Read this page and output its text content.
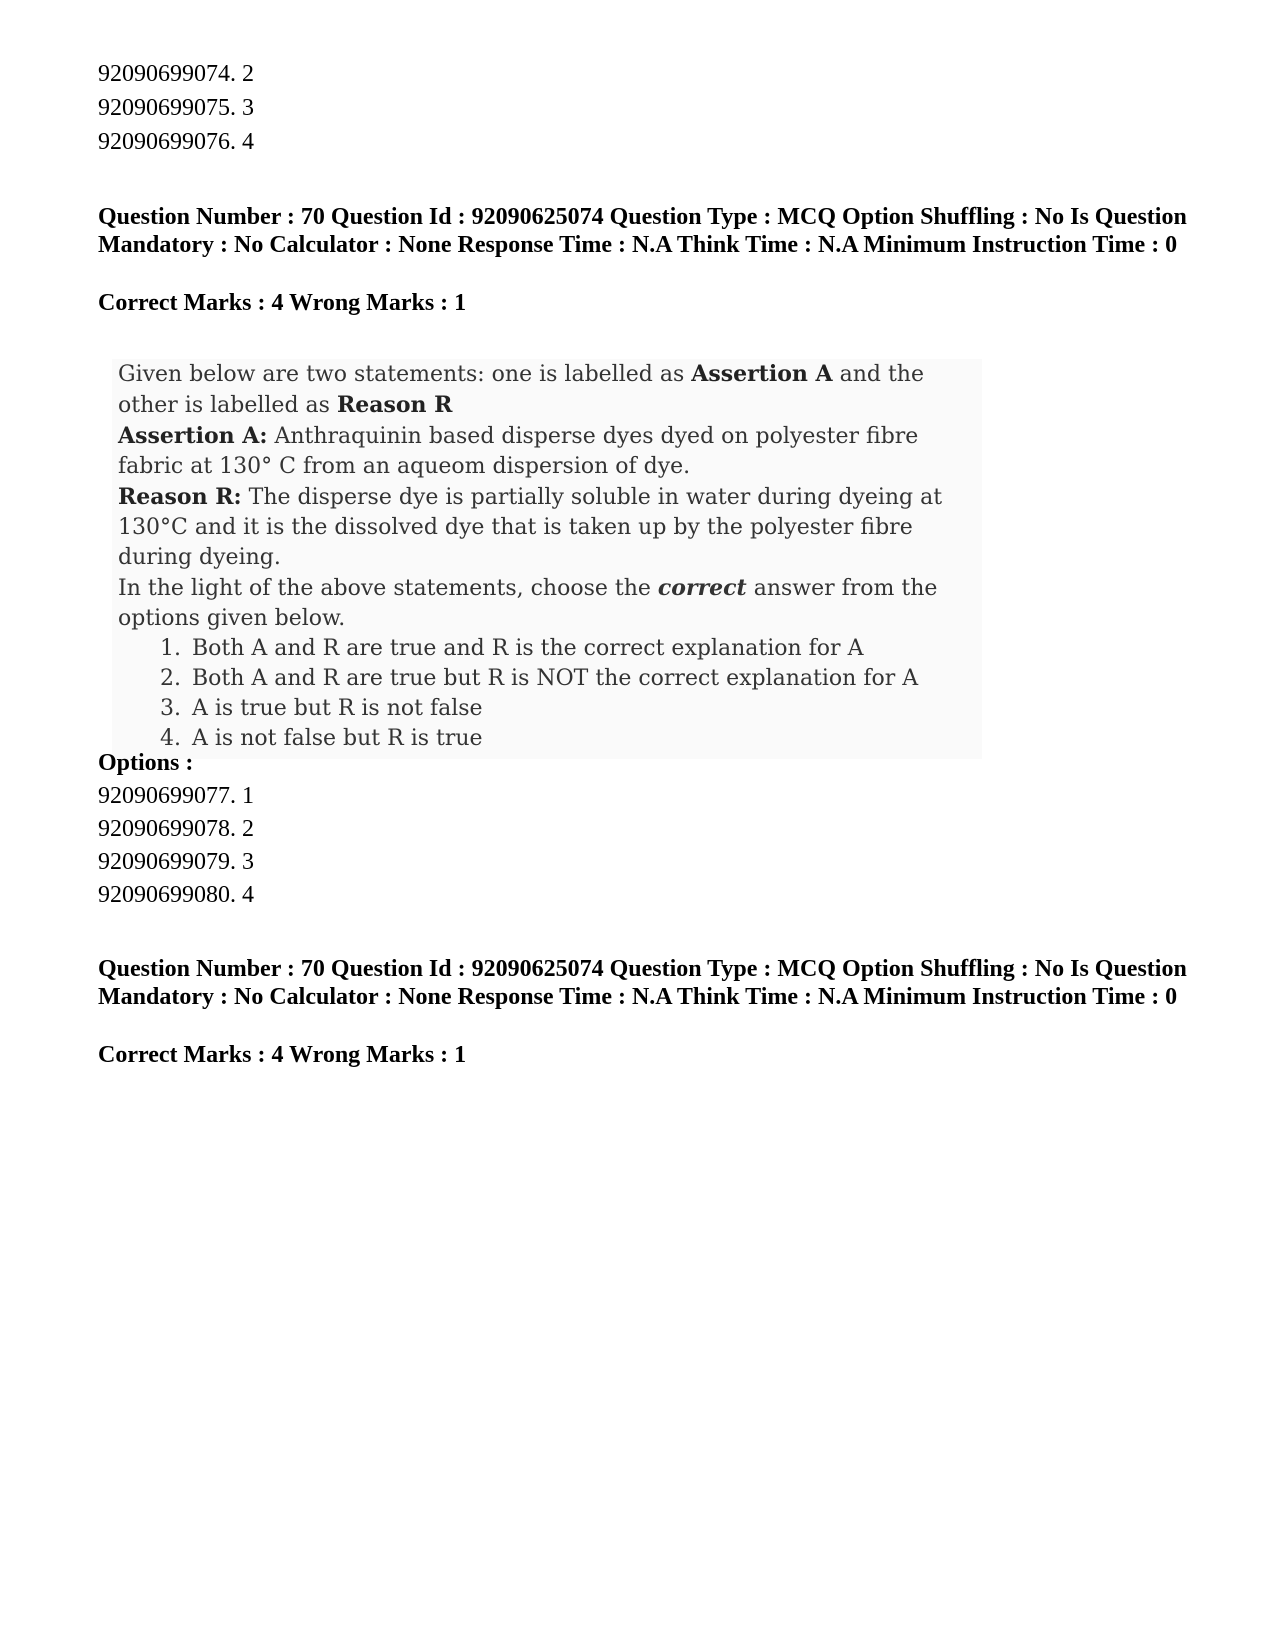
92090699074. 2
92090699075. 3
92090699076. 4
Question Number : 70 Question Id : 92090625074 Question Type : MCQ Option Shuffling : No Is Question Mandatory : No Calculator : None Response Time : N.A Think Time : N.A Minimum Instruction Time : 0
Correct Marks : 4 Wrong Marks : 1

Given below are two statements: one is labelled as Assertion A and the other is labelled as Reason R

Assertion A: Anthraquinin based disperse dyes dyed on polyester fibre fabric at 130° C from an aqueom dispersion of dye.

Reason R: The disperse dye is partially soluble in water during dyeing at 130°C and it is the dissolved dye that is taken up by the polyester fibre during dyeing.

In the light of the above statements, choose the correct answer from the options given below.

1. Both A and R are true and R is the correct explanation for A
2. Both A and R are true but R is NOT the correct explanation for A
3. A is true but R is not false
4. A is not false but R is true
Options :
92090699077. 1
92090699078. 2
92090699079. 3
92090699080. 4
Question Number : 70 Question Id : 92090625074 Question Type : MCQ Option Shuffling : No Is Question Mandatory : No Calculator : None Response Time : N.A Think Time : N.A Minimum Instruction Time : 0
Correct Marks : 4 Wrong Marks : 1
